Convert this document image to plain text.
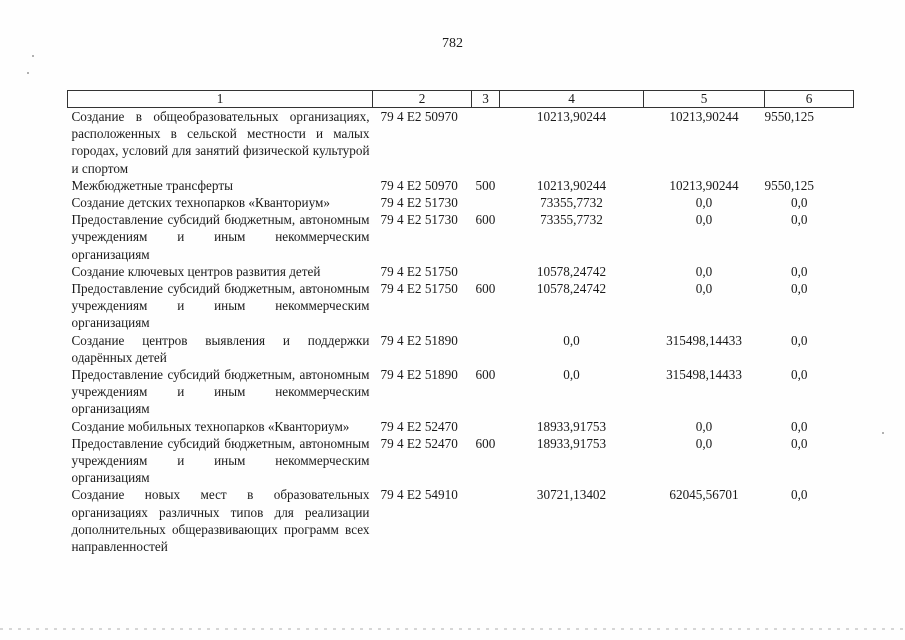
782
1	2	3	4	5	6
Создание в общеобразовательных организациях, расположенных в сельской местности и малых городах, условий для занятий физической культурой и спортом	79 4 E2 50970		10213,90244	10213,90244	9550,125
Межбюджетные трансферты	79 4 E2 50970	500	10213,90244	10213,90244	9550,125
Создание детских технопарков «Кванториум»	79 4 E2 51730		73355,7732	0,0	0,0
Предоставление субсидий бюджетным, автономным учреждениям и иным некоммерческим организациям	79 4 E2 51730	600	73355,7732	0,0	0,0
Создание ключевых центров развития детей	79 4 E2 51750		10578,24742	0,0	0,0
Предоставление субсидий бюджетным, автономным учреждениям и иным некоммерческим организациям	79 4 E2 51750	600	10578,24742	0,0	0,0
Создание центров выявления и поддержки одарённых детей	79 4 E2 51890		0,0	315498,14433	0,0
Предоставление субсидий бюджетным, автономным учреждениям и иным некоммерческим организациям	79 4 E2 51890	600	0,0	315498,14433	0,0
Создание мобильных технопарков «Кванториум»	79 4 E2 52470		18933,91753	0,0	0,0
Предоставление субсидий бюджетным, автономным учреждениям и иным некоммерческим организациям	79 4 E2 52470	600	18933,91753	0,0	0,0
Создание новых мест в образовательных организациях различных типов для реализации дополнительных общеразвивающих программ всех направленностей	79 4 E2 54910		30721,13402	62045,56701	0,0
